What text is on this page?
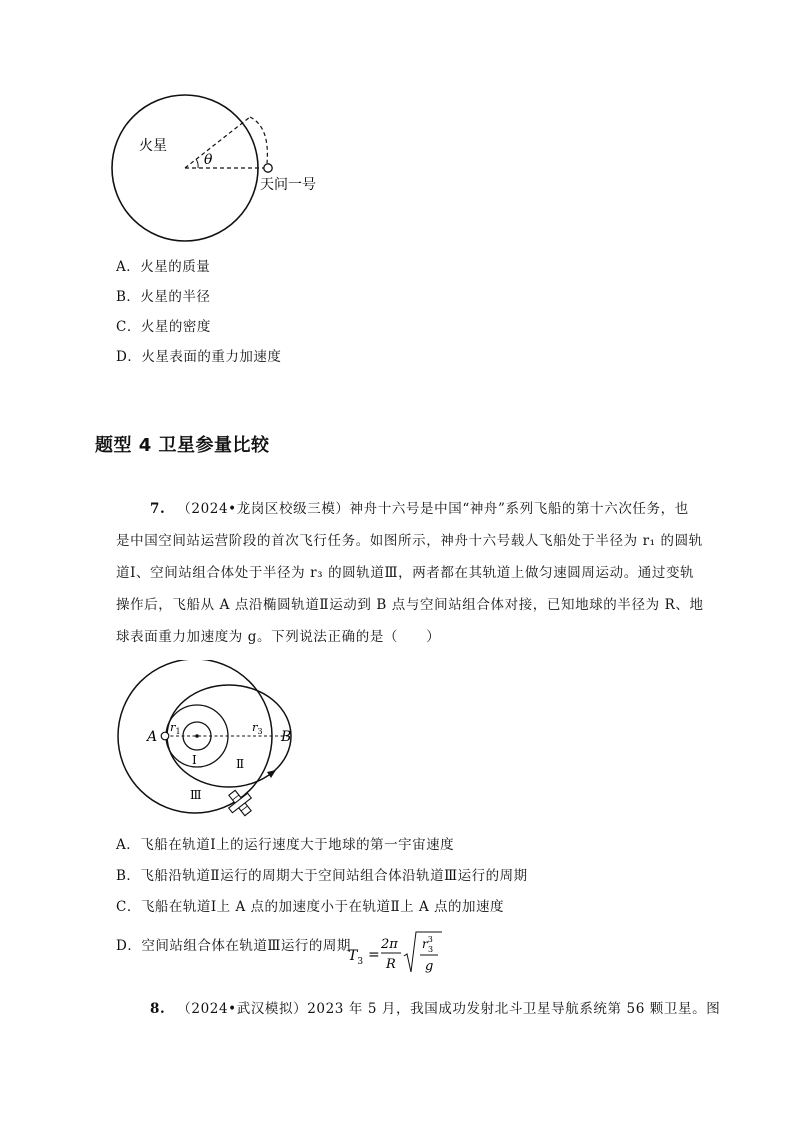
火星
θ
天问一号
A．火星的质量
B．火星的半径
C．火星的密度
D．火星表面的重力加速度
题型 4 卫星参量比较
7. （2024•龙岗区校级三模）神舟十六号是中国“神舟”系列飞船的第十六次任务，也
是中国空间站运营阶段的首次飞行任务。如图所示，神舟十六号载人飞船处于半径为 r₁ 的圆轨
道Ⅰ、空间站组合体处于半径为 r₃ 的圆轨道Ⅲ，两者都在其轨道上做匀速圆周运动。通过变轨
操作后，飞船从 A 点沿椭圆轨道Ⅱ运动到 B 点与空间站组合体对接，已知地球的半径为 R、地
球表面重力加速度为 g。下列说法正确的是（　　）
A	B
$r_1$	$r_3$
Ⅰ	Ⅱ
Ⅲ
A．飞船在轨道Ⅰ上的运行速度大于地球的第一宇宙速度
B．飞船沿轨道Ⅱ运行的周期大于空间站组合体沿轨道Ⅲ运行的周期
C．飞船在轨道Ⅰ上 A 点的加速度小于在轨道Ⅱ上 A 点的加速度
D．空间站组合体在轨道Ⅲ运行的周期
$T_3$ =
2π
R
$r^3$
3
g
8. （2024•武汉模拟）2023 年 5 月，我国成功发射北斗卫星导航系统第 56 颗卫星。图
